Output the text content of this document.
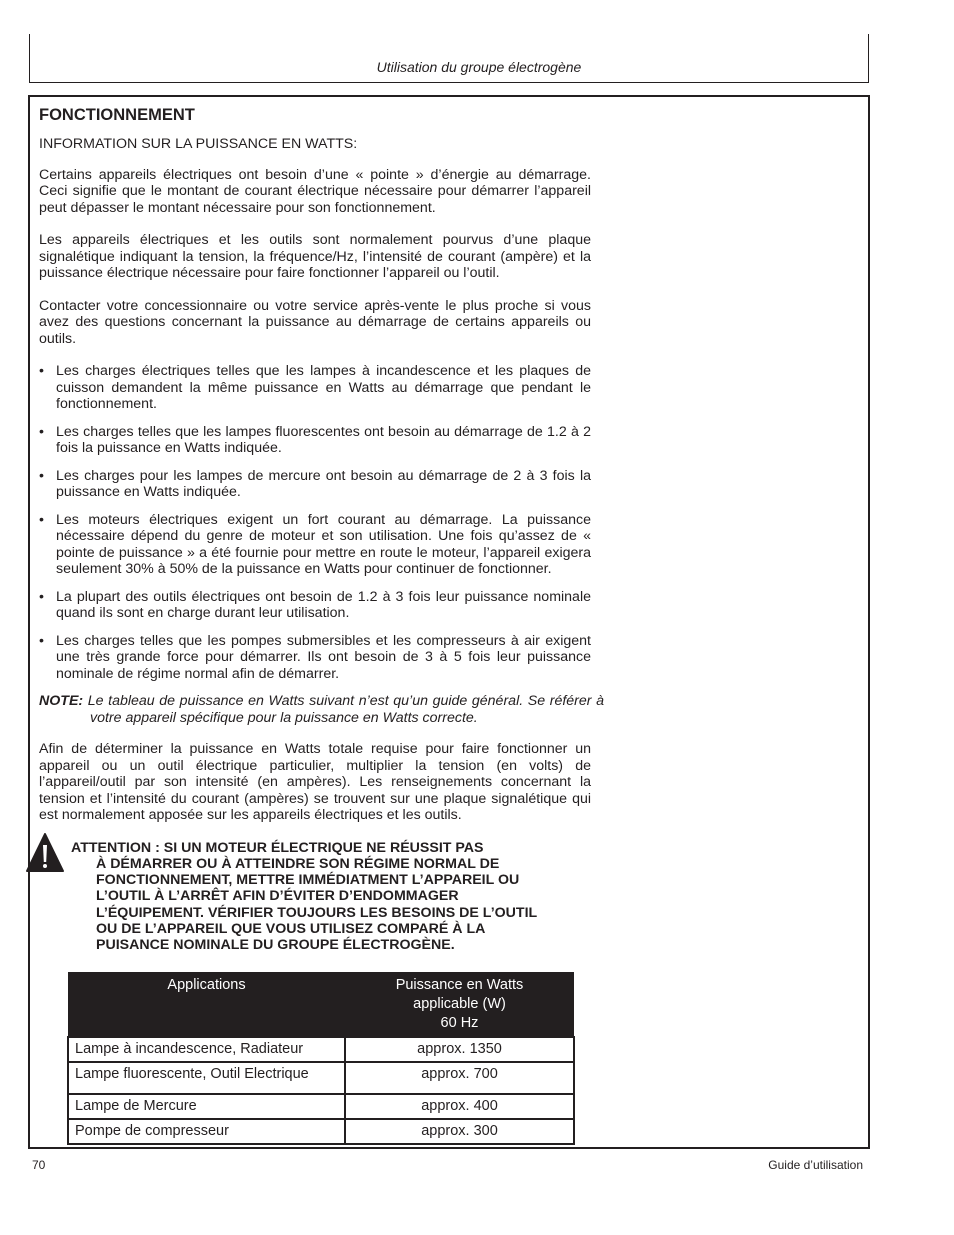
Utilisation du groupe électrogène
FONCTIONNEMENT
INFORMATION SUR LA PUISSANCE EN WATTS:

Certains appareils électriques ont besoin d’une « pointe » d’énergie au démarrage. Ceci signifie que le montant de courant électrique nécessaire pour démarrer l’appareil peut dépasser le montant nécessaire pour son fonctionnement.

Les appareils électriques et les outils sont normalement pourvus d’une plaque signalétique indiquant la tension, la fréquence/Hz, l’intensité de courant (ampère) et la puissance électrique nécessaire pour faire fonctionner l’appareil ou l’outil.

Contacter votre concessionnaire ou votre service après-vente le plus proche si vous avez des questions concernant la puissance au démarrage de certains appareils ou outils.

• Les charges électriques telles que les lampes à incandescence et les plaques de cuisson demandent la même puissance en Watts au démarrage que pendant le fonctionnement.
• Les charges telles que les lampes fluorescentes ont besoin au démarrage de 1.2 à 2 fois la puissance en Watts indiquée.
• Les charges pour les lampes de mercure ont besoin au démarrage de 2 à 3 fois la puissance en Watts indiquée.
• Les moteurs électriques exigent un fort courant au démarrage. La puissance nécessaire dépend du genre de moteur et son utilisation. Une fois qu’assez de « pointe de puissance » a été fournie pour mettre en route le moteur, l’appareil exigera seulement 30% à 50% de la puissance en Watts pour continuer de fonctionner.
• La plupart des outils électriques ont besoin de 1.2 à 3 fois leur puissance nominale quand ils sont en charge durant leur utilisation.
• Les charges telles que les pompes submersibles et les compresseurs à air exigent une très grande force pour démarrer. Ils ont besoin de 3 à 5 fois leur puissance nominale de régime normal afin de démarrer.
NOTE: Le tableau de puissance en Watts suivant n’est qu’un guide général. Se référer à votre appareil spécifique pour la puissance en Watts correcte.

Afin de déterminer la puissance en Watts totale requise pour faire fonctionner un appareil ou un outil électrique particulier, multiplier la tension (en volts) de l’appareil/outil par son intensité (en ampères). Les renseignements concernant la tension et l’intensité du courant (ampères) se trouvent sur une plaque signalétique qui est normalement apposée sur les appareils électriques et les outils.

ATTENTION : SI UN MOTEUR ÉLECTRIQUE NE RÉUSSIT PAS
À DÉMARRER OU À ATTEINDRE SON RÉGIME NORMAL DE
FONCTIONNEMENT, METTRE IMMÉDIATMENT L’APPAREIL OU
L’OUTIL À L’ARRÊT AFIN D’ÉVITER D’ENDOMMAGER
L’ÉQUIPEMENT. VÉRIFIER TOUJOURS LES BESOINS DE L’OUTIL
OU DE L’APPAREIL QUE VOUS UTILISEZ COMPARÉ À LA
PUISANCE NOMINALE DU GROUPE ÉLECTROGÈNE.
Applications	Puissance en Watts
applicable (W)
60 Hz
Lampe à incandescence, Radiateur	approx. 1350
Lampe fluorescente, Outil Electrique	approx. 700
Lampe de Mercure	approx. 400
Pompe de compresseur	approx. 300
70	Guide d’utilisation
